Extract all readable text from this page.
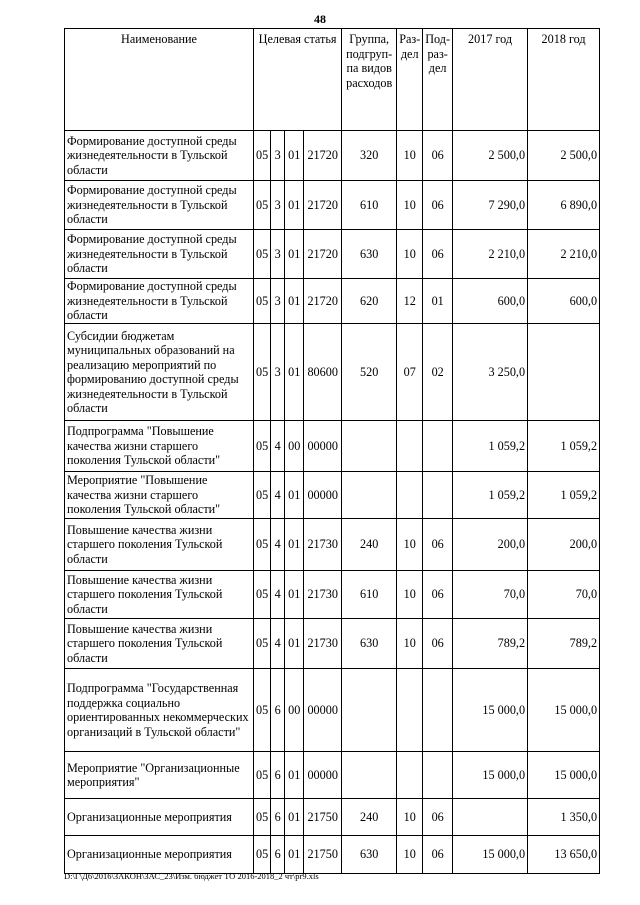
48
Наименование	Целевая статья				Группа, подгруп-па видов расходов	Раз-дел	Под-раз-дел	2017 год	2018 год
Формирование доступной среды жизнедеятельности в Тульской области	05	3	01	21720	320	10	06	2 500,0	2 500,0
Формирование доступной среды жизнедеятельности в Тульской области	05	3	01	21720	610	10	06	7 290,0	6 890,0
Формирование доступной среды жизнедеятельности в Тульской области	05	3	01	21720	630	10	06	2 210,0	2 210,0
Формирование доступной среды жизнедеятельности в Тульской области	05	3	01	21720	620	12	01	600,0	600,0
Субсидии бюджетам муниципальных образований на реализацию мероприятий по формированию доступной среды жизнедеятельности в Тульской области	05	3	01	80600	520	07	02	3 250,0	
Подпрограмма "Повышение качества жизни старшего поколения Тульской области"	05	4	00	00000				1 059,2	1 059,2
Мероприятие "Повышение качества жизни старшего поколения Тульской области"	05	4	01	00000				1 059,2	1 059,2
Повышение качества жизни старшего поколения Тульской области	05	4	01	21730	240	10	06	200,0	200,0
Повышение качества жизни старшего поколения Тульской области	05	4	01	21730	610	10	06	70,0	70,0
Повышение качества жизни старшего поколения Тульской области	05	4	01	21730	630	10	06	789,2	789,2
Подпрограмма "Государственная поддержка социально ориентированных некоммерческих организаций в Тульской области"	05	6	00	00000				15 000,0	15 000,0
Мероприятие "Организационные мероприятия"	05	6	01	00000				15 000,0	15 000,0
Организационные мероприятия	05	6	01	21750	240	10	06		1 350,0
Организационные мероприятия	05	6	01	21750	630	10	06	15 000,0	13 650,0
D:\Г\Д6\2016\ЗАКОН\ЗАС_23\Изм. бюджет ТО 2016-2018_2 чт\pr9.xls
